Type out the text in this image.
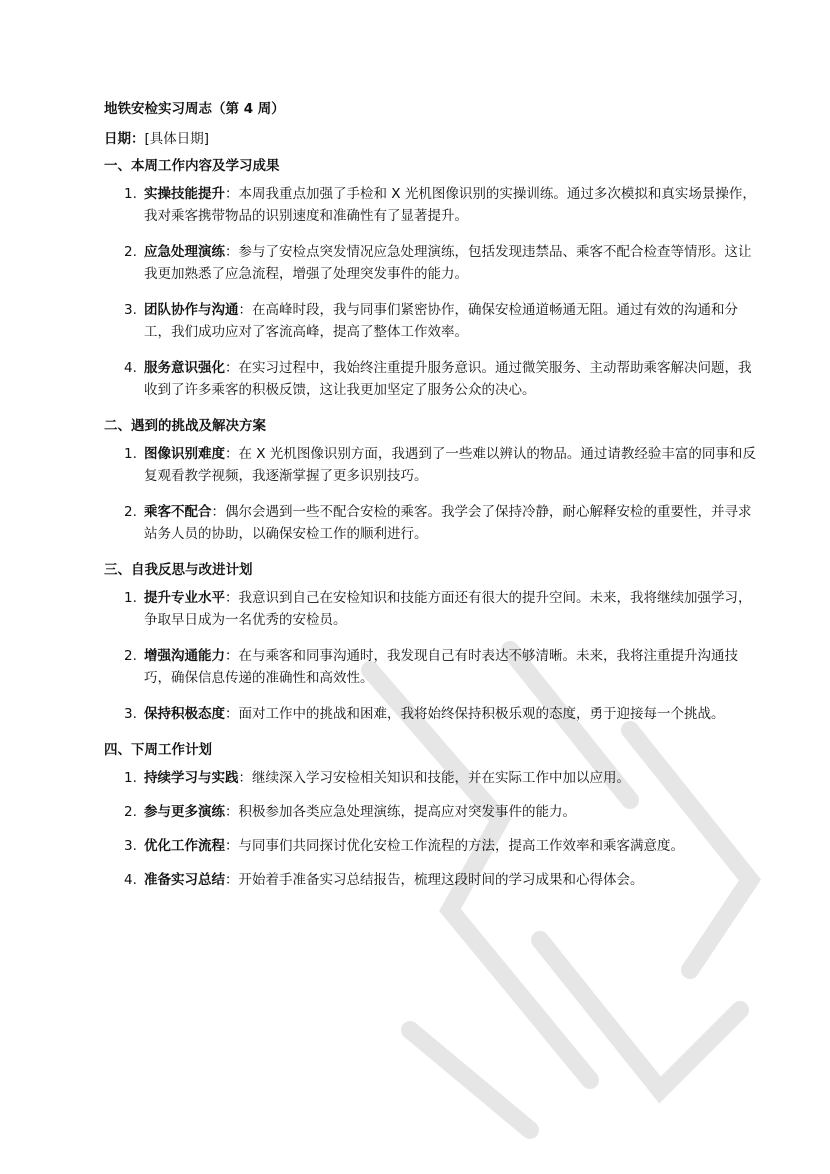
地铁安检实习周志（第 4 周）
日期：[具体日期]
一、本周工作内容及学习成果
1. 实操技能提升：本周我重点加强了手检和 X 光机图像识别的实操训练。通过多次模拟和真实场景操作，我对乘客携带物品的识别速度和准确性有了显著提升。
2. 应急处理演练：参与了安检点突发情况应急处理演练，包括发现违禁品、乘客不配合检查等情形。这让我更加熟悉了应急流程，增强了处理突发事件的能力。
3. 团队协作与沟通：在高峰时段，我与同事们紧密协作，确保安检通道畅通无阻。通过有效的沟通和分工，我们成功应对了客流高峰，提高了整体工作效率。
4. 服务意识强化：在实习过程中，我始终注重提升服务意识。通过微笑服务、主动帮助乘客解决问题，我收到了许多乘客的积极反馈，这让我更加坚定了服务公众的决心。
二、遇到的挑战及解决方案
1. 图像识别难度：在 X 光机图像识别方面，我遇到了一些难以辨认的物品。通过请教经验丰富的同事和反复观看教学视频，我逐渐掌握了更多识别技巧。
2. 乘客不配合：偶尔会遇到一些不配合安检的乘客。我学会了保持冷静，耐心解释安检的重要性，并寻求站务人员的协助，以确保安检工作的顺利进行。
三、自我反思与改进计划
1. 提升专业水平：我意识到自己在安检知识和技能方面还有很大的提升空间。未来，我将继续加强学习，争取早日成为一名优秀的安检员。
2. 增强沟通能力：在与乘客和同事沟通时，我发现自己有时表达不够清晰。未来，我将注重提升沟通技巧，确保信息传递的准确性和高效性。
3. 保持积极态度：面对工作中的挑战和困难，我将始终保持积极乐观的态度，勇于迎接每一个挑战。
四、下周工作计划
1. 持续学习与实践：继续深入学习安检相关知识和技能，并在实际工作中加以应用。
2. 参与更多演练：积极参加各类应急处理演练，提高应对突发事件的能力。
3. 优化工作流程：与同事们共同探讨优化安检工作流程的方法，提高工作效率和乘客满意度。
4. 准备实习总结：开始着手准备实习总结报告，梳理这段时间的学习成果和心得体会。
